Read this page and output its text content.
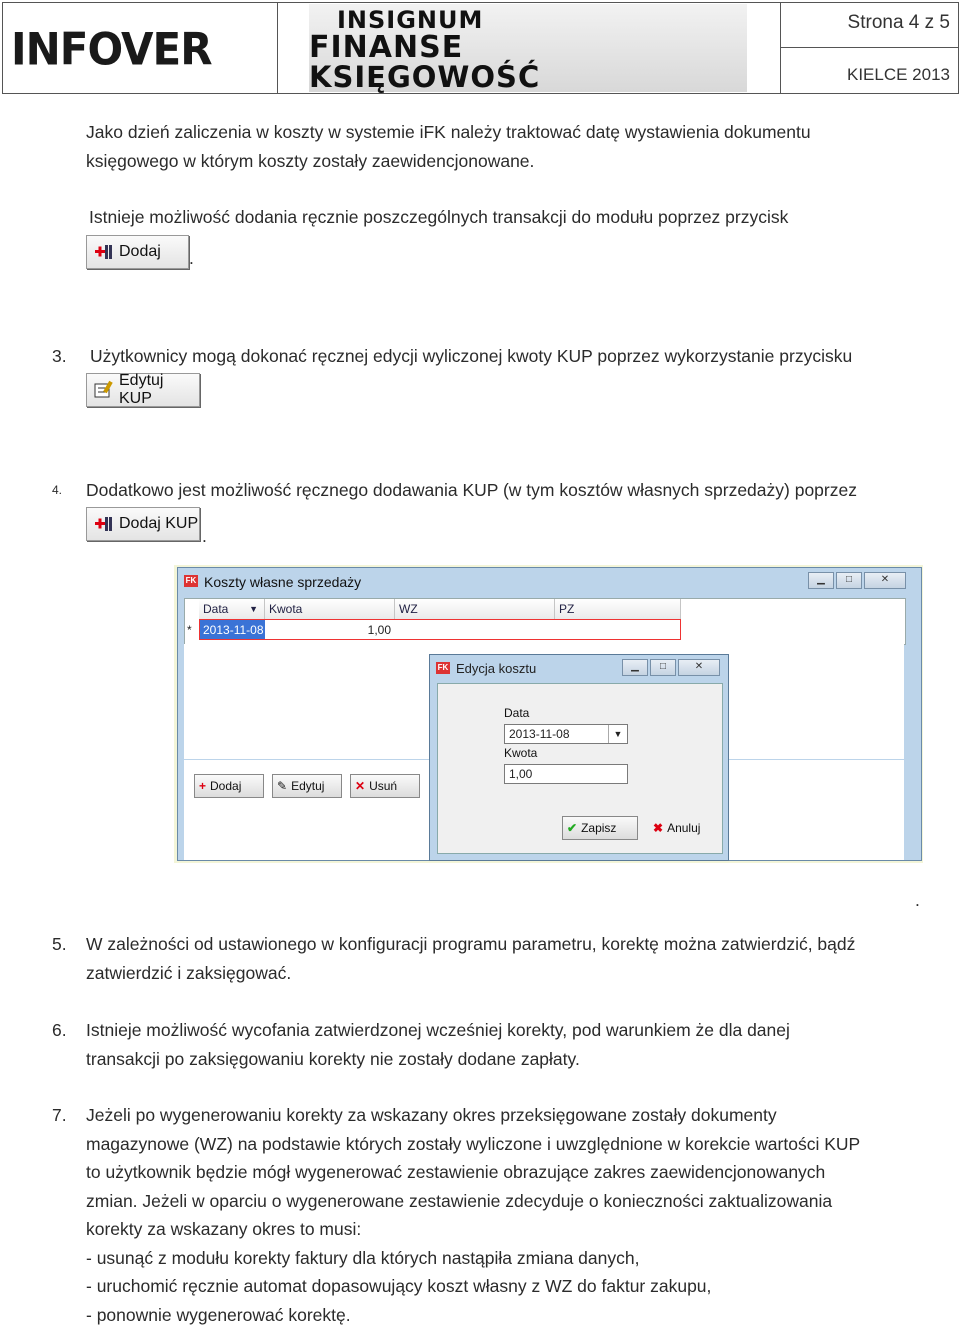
INFOVER
INSIGNUM
FINANSE
KSIĘGOWOŚĆ
Strona 4 z 5
KIELCE 2013
Jako dzień zaliczenia w koszty w systemie iFK należy traktować datę wystawienia dokumentu
księgowego w którym koszty zostały zaewidencjonowane.
Istnieje możliwość dodania ręcznie poszczególnych transakcji do modułu poprzez przycisk
Dodaj .
3. Użytkownicy mogą dokonać ręcznej edycji wyliczonej kwoty KUP poprzez wykorzystanie przycisku
Edytuj KUP
4. Dodatkowo jest możliwość ręcznego dodawania KUP (w tym kosztów własnych sprzedaży) poprzez
Dodaj KUP
.
FK Koszty własne sprzedaży	▁	□	✕
Data ▼ Kwota	WZ	PZ
* 2013-11-08	1,00
+ Dodaj	✎ Edytuj	✕ Usuń
FK Edycja kosztu	▁	□	✕
Data
2013-11-08	▼
Kwota
1,00
✔ Zapisz	✖ Anuluj
.
5. W zależności od ustawionego w konfiguracji programu parametru, korektę można zatwierdzić, bądź
zatwierdzić i zaksięgować.
6. Istnieje możliwość wycofania zatwierdzonej wcześniej korekty, pod warunkiem że dla danej
transakcji po zaksięgowaniu korekty nie zostały dodane zapłaty.
7. Jeżeli po wygenerowaniu korekty za wskazany okres przeksięgowane zostały dokumenty
magazynowe (WZ) na podstawie których zostały wyliczone i uwzględnione w korekcie wartości KUP
to użytkownik będzie mógł wygenerować zestawienie obrazujące zakres zaewidencjonowanych
zmian. Jeżeli w oparciu o wygenerowane zestawienie zdecyduje o konieczności zaktualizowania
korekty za wskazany okres to musi:
- usunąć z modułu korekty faktury dla których nastąpiła zmiana danych,
- uruchomić ręcznie automat dopasowujący koszt własny z WZ do faktur zakupu,
- ponownie wygenerować korektę.
